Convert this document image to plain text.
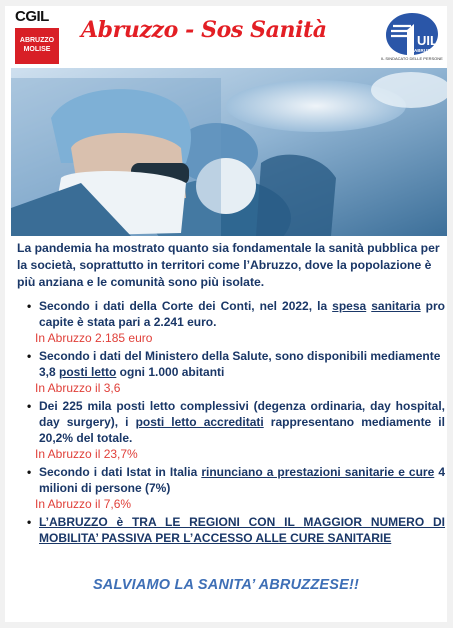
CGIL
ABRUZZO
MOLISE
Abruzzo - Sos Sanità	UIL
ABRUZZO
IL SINDACATO DELLE PERSONE
La pandemia ha mostrato quanto sia fondamentale la sanità pubblica per la società, soprattutto in territori come l’Abruzzo, dove la popolazione è più anziana e le comunità sono più isolate.
• Secondo i dati della Corte dei Conti, nel 2022, la spesa sanitaria pro capite è stata pari a 2.241 euro.
In Abruzzo 2.185 euro
• Secondo i dati del Ministero della Salute, sono disponibili mediamente 3,8 posti letto ogni 1.000 abitanti
In Abruzzo il 3,6
• Dei 225 mila posti letto complessivi (degenza ordinaria, day hospital, day surgery), i posti letto accreditati rappresentano mediamente il 20,2% del totale.
In Abruzzo il 23,7%
• Secondo i dati Istat in Italia rinunciano a prestazioni sanitarie e cure 4 milioni di persone (7%)
In Abruzzo il 7,6%
• L’ABRUZZO è TRA LE REGIONI CON IL MAGGIOR NUMERO DI MOBILITA’ PASSIVA PER L’ACCESSO ALLE CURE SANITARIE
SALVIAMO LA SANITA’ ABRUZZESE!!
